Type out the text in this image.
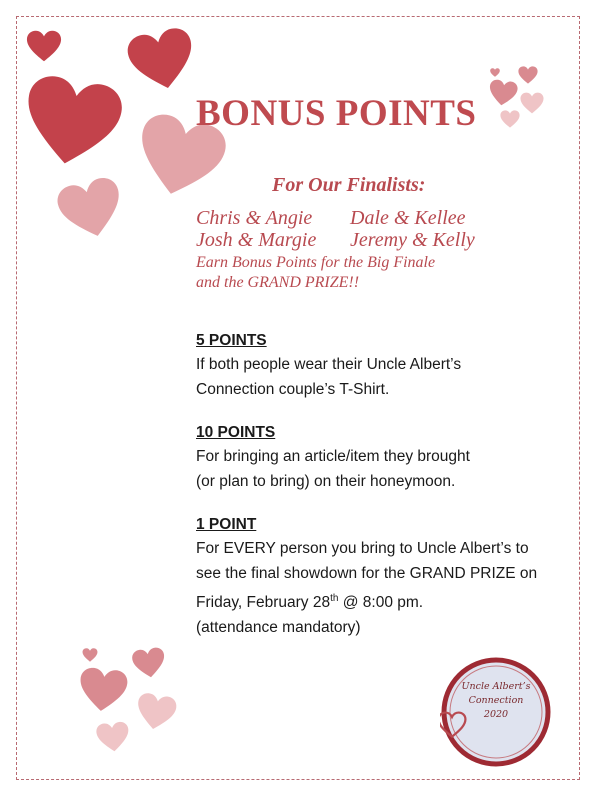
BONUS POINTS
For Our Finalists:
Chris & Angie	Dale & Kellee
Josh & Margie	Jeremy & Kelly
Earn Bonus Points for the Big Finale
and the GRAND PRIZE!!
5 POINTS
If both people wear their Uncle Albert’s
Connection couple’s T-Shirt.
10 POINTS
For bringing an article/item they brought
(or plan to bring) on their honeymoon.
1 POINT
For EVERY person you bring to Uncle Albert’s to
see the final showdown for the GRAND PRIZE on
Friday, February 28th @ 8:00 pm.
(attendance mandatory)
Uncle Albert’s
Connection
2020
